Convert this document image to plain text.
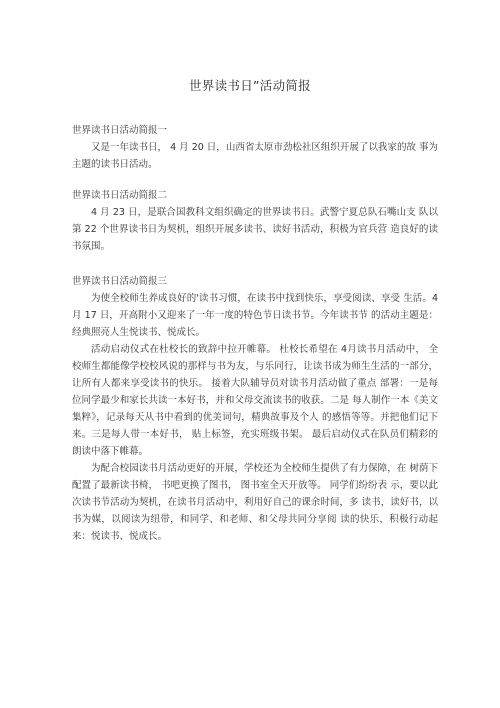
世界读书日”活动简报

世界读书日活动简报一

又是一年读书日， 4 月 20 日，山西省太原市劲松社区组织开展了以我家的故 事为主题的读书日活动。

世界读书日活动简报二

4 月 23 日，是联合国教科文组织确定的世界读书日。武警宁夏总队石嘴山支 队以第 22 个世界读书日为契机，组织开展多读书、读好书活动，积极为官兵营 造良好的读书氛围。

世界读书日活动简报三

为使全校师生养成良好的'读书习惯，在读书中找到快乐，享受阅读、享受 生活。4 月 17 日，开高附小又迎来了一年一度的特色节日读书节。今年读书节 的活动主题是：经典照亮人生悦读书、悦成长。

活动启动仪式在杜校长的致辞中拉开帷幕。 杜校长希望在 4月读书月活动中， 全校师生都能像学校校风说的那样与书为友，与乐同行，让读书成为师生生活的一部分，让所有人都来享受读书的快乐。 接着大队辅导员对读书月活动做了重点 部署：一是每位同学最少和家长共读一本好书，并和父母交流读书的收获。二是 每人制作一本《美文集粹》，记录每天从书中看到的优美词句，精典故事及个人 的感悟等等。并把他们记下来。三是每人带一本好书， 贴上标签，充实班级书架。 最后启动仪式在队员们精彩的朗读中落下帷幕。

为配合校园读书月活动更好的开展，学校还为全校师生提供了有力保障，在 树荫下配置了最新读书椅， 书吧更换了图书， 图书室全天开放等。 同学们纷纷表 示，要以此次读书节活动为契机，在读书月活动中，利用好自己的课余时间，多 读书，读好书，以书为媒，以阅读为纽带，和同学、和老师、和父母共同分享阅 读的快乐，积极行动起来：悦读书、悦成长。
